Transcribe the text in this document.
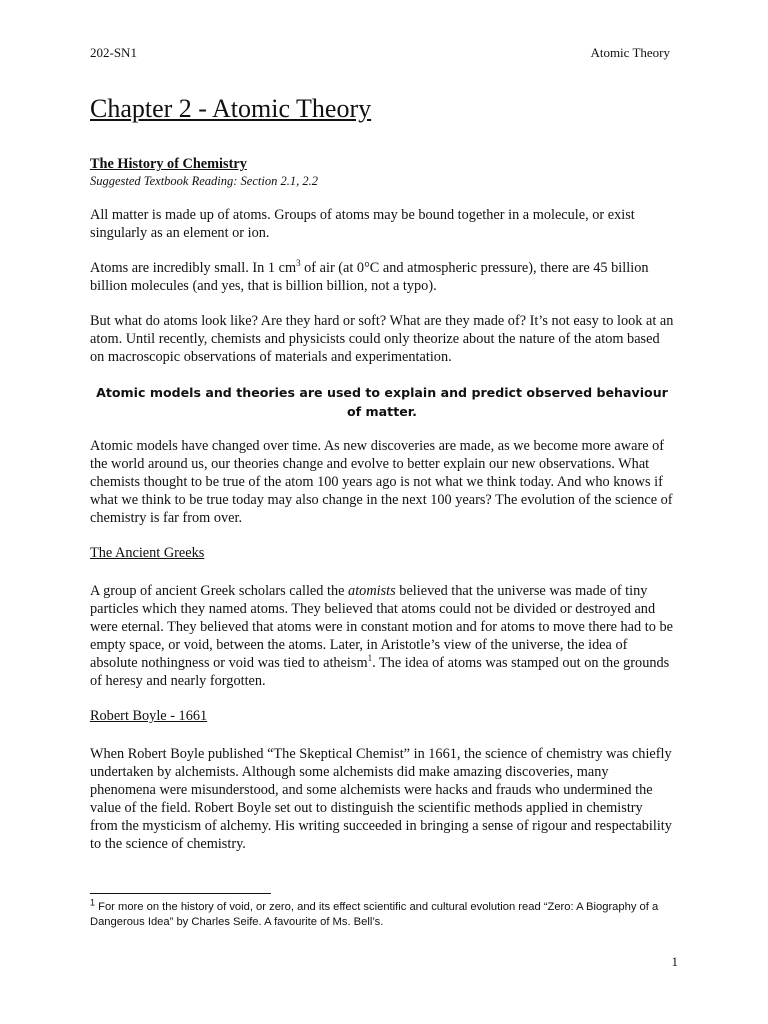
202-SN1	Atomic Theory
Chapter 2 - Atomic Theory
The History of Chemistry
Suggested Textbook Reading: Section 2.1, 2.2

All matter is made up of atoms. Groups of atoms may be bound together in a molecule, or exist singularly as an element or ion.

Atoms are incredibly small. In 1 $cm^3$ of air (at 0°C and atmospheric pressure), there are 45 billion billion molecules (and yes, that is billion billion, not a typo).

But what do atoms look like? Are they hard or soft? What are they made of? It’s not easy to look at an atom. Until recently, chemists and physicists could only theorize about the nature of the atom based on macroscopic observations of materials and experimentation.

Atomic models and theories are used to explain and predict observed behaviour of matter.

Atomic models have changed over time. As new discoveries are made, as we become more aware of the world around us, our theories change and evolve to better explain our new observations. What chemists thought to be true of the atom 100 years ago is not what we think today. And who knows if what we think to be true today may also change in the next 100 years? The evolution of the science of chemistry is far from over.

The Ancient Greeks

A group of ancient Greek scholars called the atomists believed that the universe was made of tiny particles which they named atoms. They believed that atoms could not be divided or destroyed and were eternal. They believed that atoms were in constant motion and for atoms to move there had to be empty space, or void, between the atoms. Later, in Aristotle’s view of the universe, the idea of absolute nothingness or void was tied to atheism$^1$. The idea of atoms was stamped out on the grounds of heresy and nearly forgotten.

Robert Boyle - 1661

When Robert Boyle published “The Skeptical Chemist” in 1661, the science of chemistry was chiefly undertaken by alchemists. Although some alchemists did make amazing discoveries, many phenomena were misunderstood, and some alchemists were hacks and frauds who undermined the value of the field. Robert Boyle set out to distinguish the scientific methods applied in chemistry from the mysticism of alchemy. His writing succeeded in bringing a sense of rigour and respectability to the science of chemistry.

$^1$ For more on the history of void, or zero, and its effect scientific and cultural evolution read “Zero: A Biography of a Dangerous Idea” by Charles Seife. A favourite of Ms. Bell’s.
1
